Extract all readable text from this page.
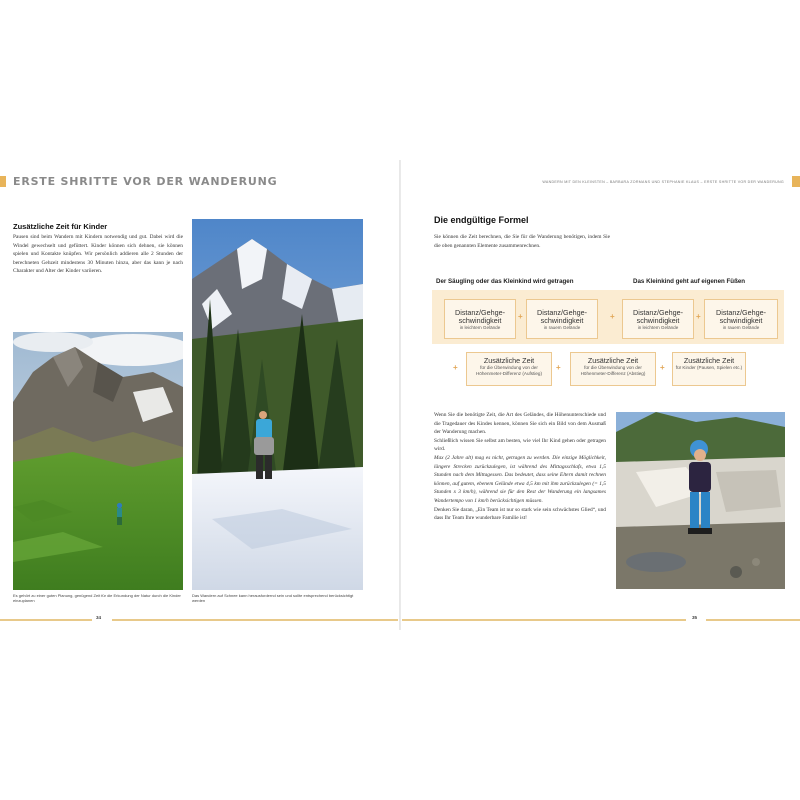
ERSTE SHRITTE VOR DER WANDERUNG	WANDERN MIT DEN KLEINSTEN – BARBARA ZORMANS UND STEPHANIE KLAUS – ERSTE SHRITTE VOR DER WANDERUNG
Zusätzliche Zeit für Kinder

Pausen sind beim Wandern mit Kindern notwendig und gut. Dabei wird die Windel gewechselt und gefüttert. Kinder können sich dehnen, sie können spielen und Kontakte knüpfen. Wir persönlich addieren alle 2 Stunden der berechneten Gehzeit mindestens 30 Minuten hinzu, aber das kann je nach Charakter und Alter der Kinder variieren.

Es gehört zu einer guten Planung, genügend Zeit für die Erkundung der Natur durch die Kinder einzuplanen
Das Wandern auf Schnee kann herausfordernd sein und sollte entsprechend berücksichtigt werden
34
Die endgültige Formel
Sie können die Zeit berechnen, die Sie für die Wanderung benötigen, indem Sie die oben genannten Elemente zusammenrechnen.
Der Säugling oder das Kleinkind wird getragen	Das Kleinkind geht auf eigenen Füßen
Distanz/Gehge-schwindigkeit
in leichtem Gelände
+	Distanz/Gehge-schwindigkeit
in rauem Gelände
+	Distanz/Gehge-schwindigkeit
in leichtem Gelände
+	Distanz/Gehge-schwindigkeit
in rauem Gelände
+
Zusätzliche Zeit
für die Überwindung von der Höhenmeter-Differenz (Aufstieg)
+
Zusätzliche Zeit
für die Überwindung von der Höhenmeter-Differenz (Abstieg)
+
Zusätzliche Zeit
für Kinder (Pausen, Spielen etc.)

Wenn Sie die benötigte Zeit, die Art des Geländes, die Höhenunterschiede und die Tragedauer des Kindes kennen, können Sie sich ein Bild von dem Ausmaß der Wanderung machen.

Schließlich wissen Sie selbst am besten, wie viel Ihr Kind gehen oder getragen wird.

Max (2 Jahre alt) mag es nicht, getragen zu werden. Die einzige Möglichkeit, längere Strecken zurückzulegen, ist während des Mittagsschlafs, etwa 1,5 Stunden nach dem Mittagessen. Das bedeutet, dass seine Eltern damit rechnen können, auf gutem, ebenem Gelände etwa 4,5 km mit ihm zurückzulegen (= 1,5 Stunden x 3 km/h), während sie für den Rest der Wanderung ein langsames Wandertempo von 1 km/h berücksichtigen müssen.

Denken Sie daran, „Ein Team ist nur so stark wie sein schwächstes Glied“, und dass Ihr Team Ihre wunderbare Familie ist!

35
